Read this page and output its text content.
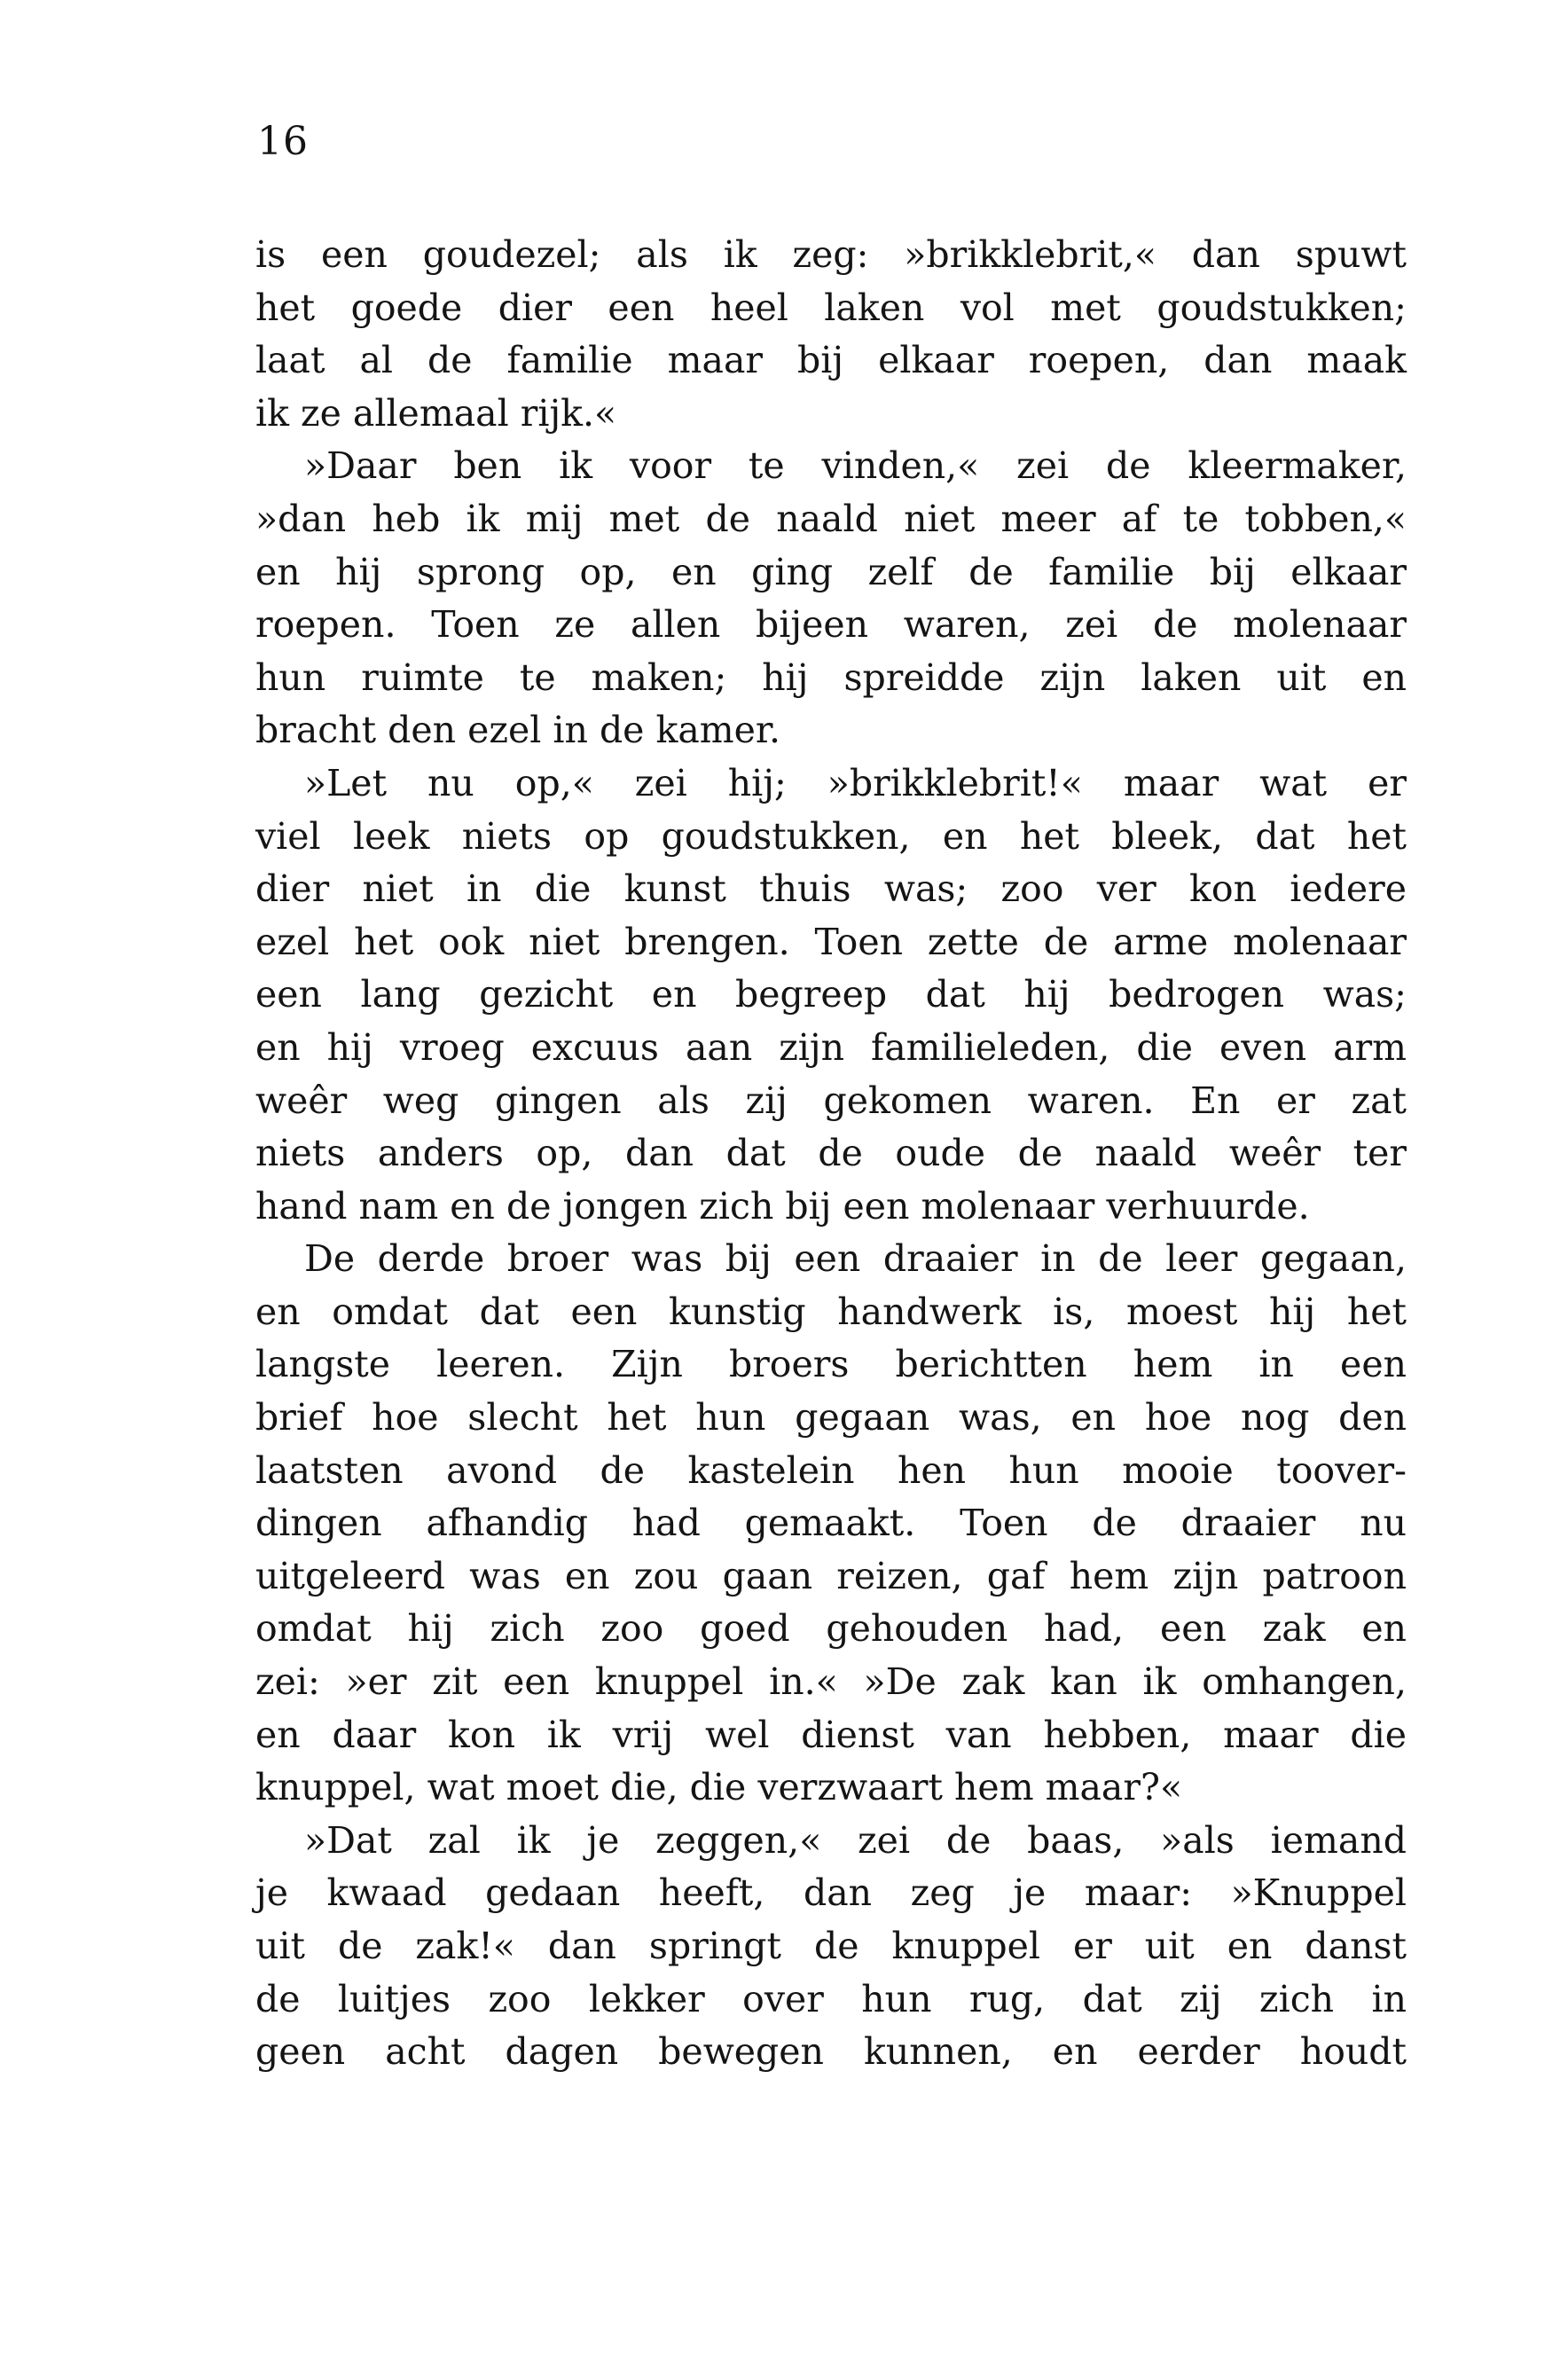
16
is een goudezel; als ik zeg: »brikklebrit,« dan spuwt
het goede dier een heel laken vol met goudstukken;
laat al de familie maar bij elkaar roepen, dan maak
ik ze allemaal rijk.«
»Daar ben ik voor te vinden,« zei de kleermaker,
»dan heb ik mij met de naald niet meer af te tobben,«
en hij sprong op, en ging zelf de familie bij elkaar
roepen. Toen ze allen bijeen waren, zei de molenaar
hun ruimte te maken; hij spreidde zijn laken uit en
bracht den ezel in de kamer.
»Let nu op,« zei hij; »brikklebrit!« maar wat er
viel leek niets op goudstukken, en het bleek, dat het
dier niet in die kunst thuis was; zoo ver kon iedere
ezel het ook niet brengen. Toen zette de arme molenaar
een lang gezicht en begreep dat hij bedrogen was;
en hij vroeg excuus aan zijn familieleden, die even arm
weêr weg gingen als zij gekomen waren. En er zat
niets anders op, dan dat de oude de naald weêr ter
hand nam en de jongen zich bij een molenaar verhuurde.
De derde broer was bij een draaier in de leer gegaan,
en omdat dat een kunstig handwerk is, moest hij het
langste leeren. Zijn broers berichtten hem in een
brief hoe slecht het hun gegaan was, en hoe nog den
laatsten avond de kastelein hen hun mooie toover-
dingen afhandig had gemaakt. Toen de draaier nu
uitgeleerd was en zou gaan reizen, gaf hem zijn patroon
omdat hij zich zoo goed gehouden had, een zak en
zei: »er zit een knuppel in.« »De zak kan ik omhangen,
en daar kon ik vrij wel dienst van hebben, maar die
knuppel, wat moet die, die verzwaart hem maar?«
»Dat zal ik je zeggen,« zei de baas, »als iemand
je kwaad gedaan heeft, dan zeg je maar: »Knuppel
uit de zak!« dan springt de knuppel er uit en danst
de luitjes zoo lekker over hun rug, dat zij zich in
geen acht dagen bewegen kunnen, en eerder houdt
